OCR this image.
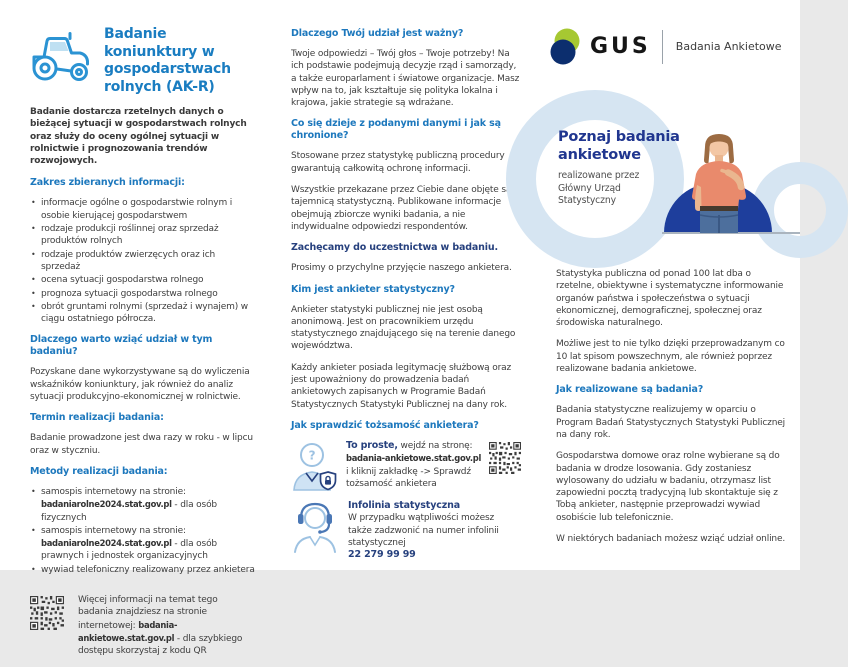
Badanie koniunktury w gospodarstwach rolnych (AK-R)

Badanie dostarcza rzetelnych danych o bieżącej sytuacji w gospodarstwach rolnych oraz służy do oceny ogólnej sytuacji w rolnictwie i prognozowania trendów rozwojowych.

Zakres zbieranych informacji:
• informacje ogólne o gospodarstwie rolnym i osobie kierującej gospodarstwem
• rodzaje produkcji roślinnej oraz sprzedaż produktów rolnych
• rodzaje produktów zwierzęcych oraz ich sprzedaż
• ocena sytuacji gospodarstwa rolnego
• prognoza sytuacji gospodarstwa rolnego
• obrót gruntami rolnymi (sprzedaż i wynajem) w ciągu ostatniego półrocza.
Dlaczego warto wziąć udział w tym badaniu?

Pozyskane dane wykorzystywane są do wyliczenia wskaźników koniunktury, jak również do analiz sytuacji produkcyjno-ekonomicznej w rolnictwie.

Termin realizacji badania:

Badanie prowadzone jest dwa razy w roku - w lipcu oraz w styczniu.

Metody realizacji badania:
• samospis internetowy na stronie: badaniarolne2024.stat.gov.pl - dla osób fizycznych
• samospis internetowy na stronie: badaniarolne2024.stat.gov.pl - dla osób prawnych i jednostek organizacyjnych
• wywiad telefoniczny realizowany przez ankietera

Więcej informacji na temat tego badania znajdziesz na stronie internetowej: badania-ankietowe.stat.gov.pl - dla szybkiego dostępu skorzystaj z kodu QR

Dlaczego Twój udział jest ważny?

Twoje odpowiedzi – Twój głos – Twoje potrzeby! Na ich podstawie podejmują decyzje rząd i samorządy, a także europarlament i światowe organizacje. Masz wpływ na to, jak kształtuje się polityka lokalna i krajowa, jakie strategie są wdrażane.

Co się dzieje z podanymi danymi i jak są chronione?

Stosowane przez statystykę publiczną procedury gwarantują całkowitą ochronę informacji.

Wszystkie przekazane przez Ciebie dane objęte są tajemnicą statystyczną. Publikowane informacje obejmują zbiorcze wyniki badania, a nie indywidualne odpowiedzi respondentów.

Zachęcamy do uczestnictwa w badaniu.

Prosimy o przychylne przyjęcie naszego ankietera.

Kim jest ankieter statystyczny?

Ankieter statystyki publicznej nie jest osobą anonimową. Jest on pracownikiem urzędu statystycznego znajdującego się na terenie danego województwa.

Każdy ankieter posiada legitymację służbową oraz jest upoważniony do prowadzenia badań ankietowych zapisanych w Programie Badań Statystycznych Statystyki Publicznej na dany rok.

Jak sprawdzić tożsamość ankietera?
?
To proste, wejdź na stronę:
badania-ankietowe.stat.gov.pl
i kliknij zakładkę -> Sprawdź tożsamość ankietera
Infolinia statystyczna
W przypadku wątpliwości możesz także zadzwonić na numer infolinii statystycznej
22 279 99 99
GUS Badania Ankietowe
Poznaj badania ankietowe

realizowane przez Główny Urząd Statystyczny

Statystyka publiczna od ponad 100 lat dba o rzetelne, obiektywne i systematyczne informowanie organów państwa i społeczeństwa o sytuacji ekonomicznej, demograficznej, społecznej oraz środowiska naturalnego.

Możliwe jest to nie tylko dzięki przeprowadzanym co 10 lat spisom powszechnym, ale również poprzez realizowane badania ankietowe.

Jak realizowane są badania?

Badania statystyczne realizujemy w oparciu o Program Badań Statystycznych Statystyki Publicznej na dany rok.

Gospodarstwa domowe oraz rolne wybierane są do badania w drodze losowania. Gdy zostaniesz wylosowany do udziału w badaniu, otrzymasz list zapowiedni pocztą tradycyjną lub skontaktuje się z Tobą ankieter, następnie przeprowadzi wywiad osobiście lub telefonicznie.

W niektórych badaniach możesz wziąć udział online.
